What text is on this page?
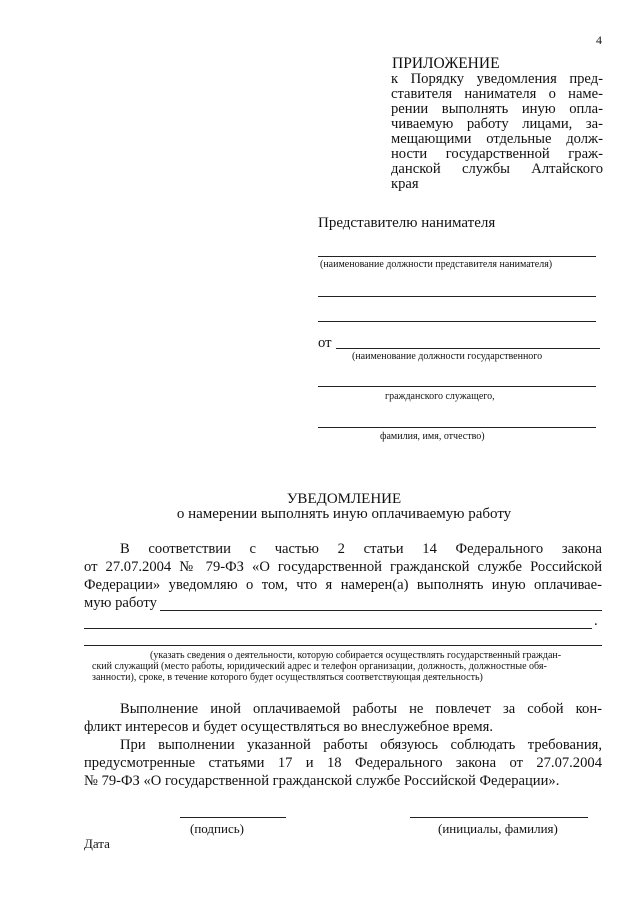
4
ПРИЛОЖЕНИЕ
к Порядку уведомления пред-
ставителя нанимателя о наме-
рении выполнять иную опла-
чиваемую работу лицами, за-
мещающими отдельные долж-
ности государственной граж-
данской службы Алтайского
края
Представителю нанимателя
(наименование должности представителя нанимателя)
от
(наименование должности государственного
гражданского служащего,
фамилия, имя, отчество)
УВЕДОМЛЕНИЕ
о намерении выполнять иную оплачиваемую работу
В соответствии с частью 2 статьи 14 Федерального закона
от 27.07.2004 № 79-ФЗ «О государственной гражданской службе Российской
Федерации» уведомляю о том, что я намерен(а) выполнять иную оплачивае-
мую работу
.
(указать сведения о деятельности, которую собирается осуществлять государственный граждан-
ский служащий (место работы, юридический адрес и телефон организации, должность, должностные обя-
занности), сроке, в течение которого будет осуществляться соответствующая деятельность)
Выполнение иной оплачиваемой работы не повлечет за собой кон-
фликт интересов и будет осуществляться во внеслужебное время.
При выполнении указанной работы обязуюсь соблюдать требования,
предусмотренные статьями 17 и 18 Федерального закона от 27.07.2004
№ 79-ФЗ «О государственной гражданской службе Российской Федерации».
(подпись)	(инициалы, фамилия)
Дата
